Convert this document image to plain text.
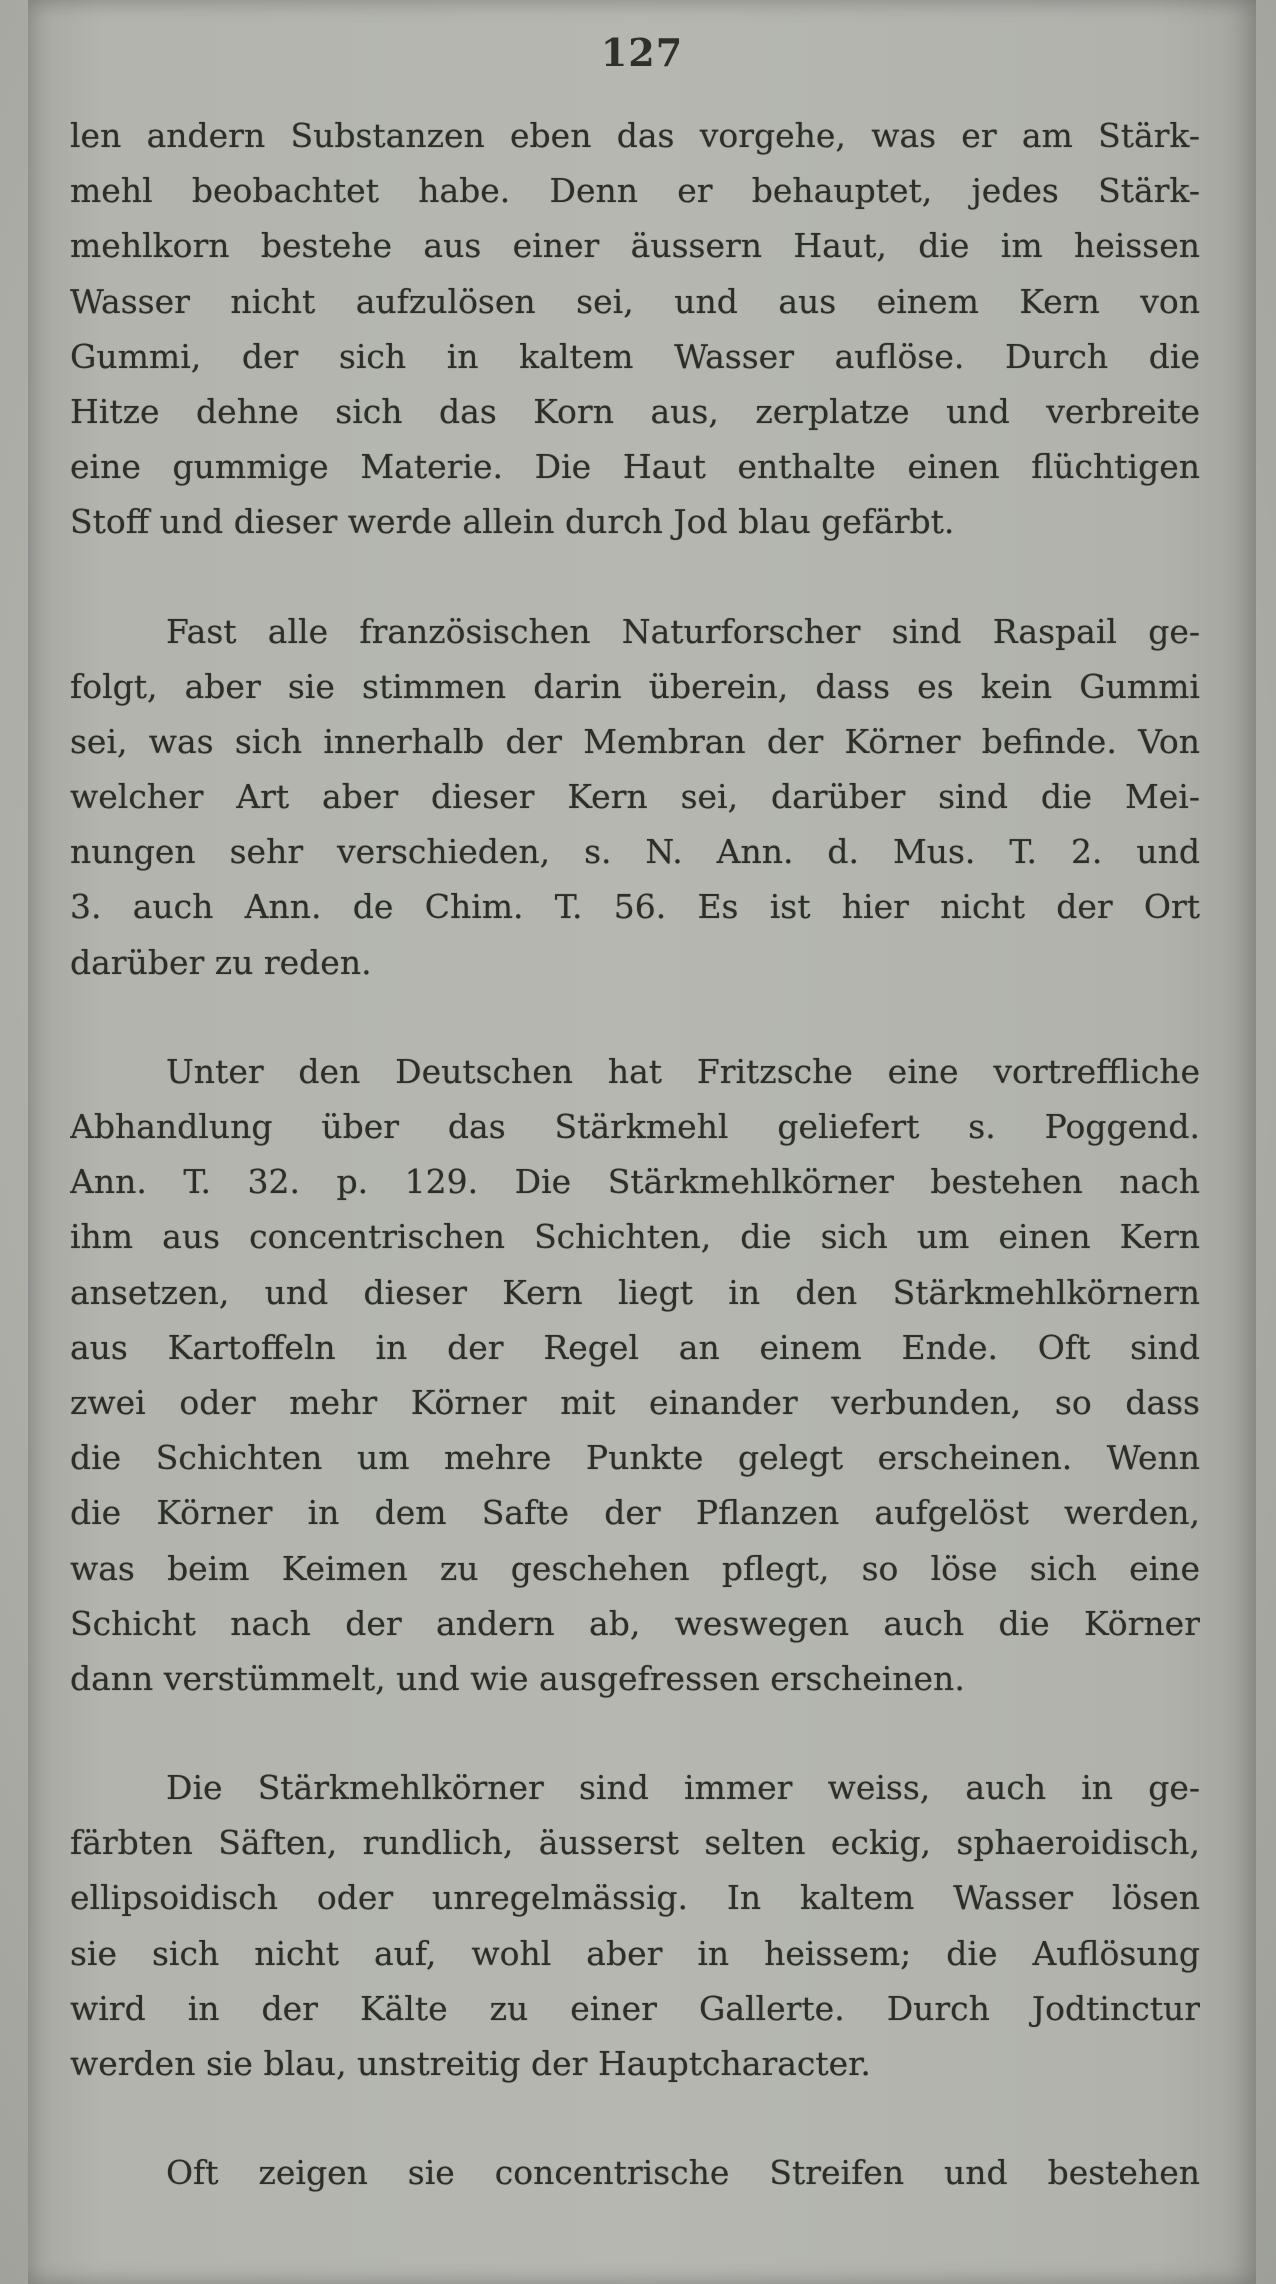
127
len andern Substanzen eben das vorgehe, was er am Stärk-
mehl beobachtet habe. Denn er behauptet, jedes Stärk-
mehlkorn bestehe aus einer äussern Haut, die im heissen
Wasser nicht aufzulösen sei, und aus einem Kern von
Gummi, der sich in kaltem Wasser auflöse. Durch die
Hitze dehne sich das Korn aus, zerplatze und verbreite
eine gummige Materie. Die Haut enthalte einen flüchtigen
Stoff und dieser werde allein durch Jod blau gefärbt.
Fast alle französischen Naturforscher sind Raspail ge-
folgt, aber sie stimmen darin überein, dass es kein Gummi
sei, was sich innerhalb der Membran der Körner befinde. Von
welcher Art aber dieser Kern sei, darüber sind die Mei-
nungen sehr verschieden, s. N. Ann. d. Mus. T. 2. und
3. auch Ann. de Chim. T. 56. Es ist hier nicht der Ort
darüber zu reden.
Unter den Deutschen hat Fritzsche eine vortreffliche
Abhandlung über das Stärkmehl geliefert s. Poggend.
Ann. T. 32. p. 129. Die Stärkmehlkörner bestehen nach
ihm aus concentrischen Schichten, die sich um einen Kern
ansetzen, und dieser Kern liegt in den Stärkmehlkörnern
aus Kartoffeln in der Regel an einem Ende. Oft sind
zwei oder mehr Körner mit einander verbunden, so dass
die Schichten um mehre Punkte gelegt erscheinen. Wenn
die Körner in dem Safte der Pflanzen aufgelöst werden,
was beim Keimen zu geschehen pflegt, so löse sich eine
Schicht nach der andern ab, weswegen auch die Körner
dann verstümmelt, und wie ausgefressen erscheinen.
Die Stärkmehlkörner sind immer weiss, auch in ge-
färbten Säften, rundlich, äusserst selten eckig, sphaeroidisch,
ellipsoidisch oder unregelmässig. In kaltem Wasser lösen
sie sich nicht auf, wohl aber in heissem; die Auflösung
wird in der Kälte zu einer Gallerte. Durch Jodtinctur
werden sie blau, unstreitig der Hauptcharacter.
Oft zeigen sie concentrische Streifen und bestehen
